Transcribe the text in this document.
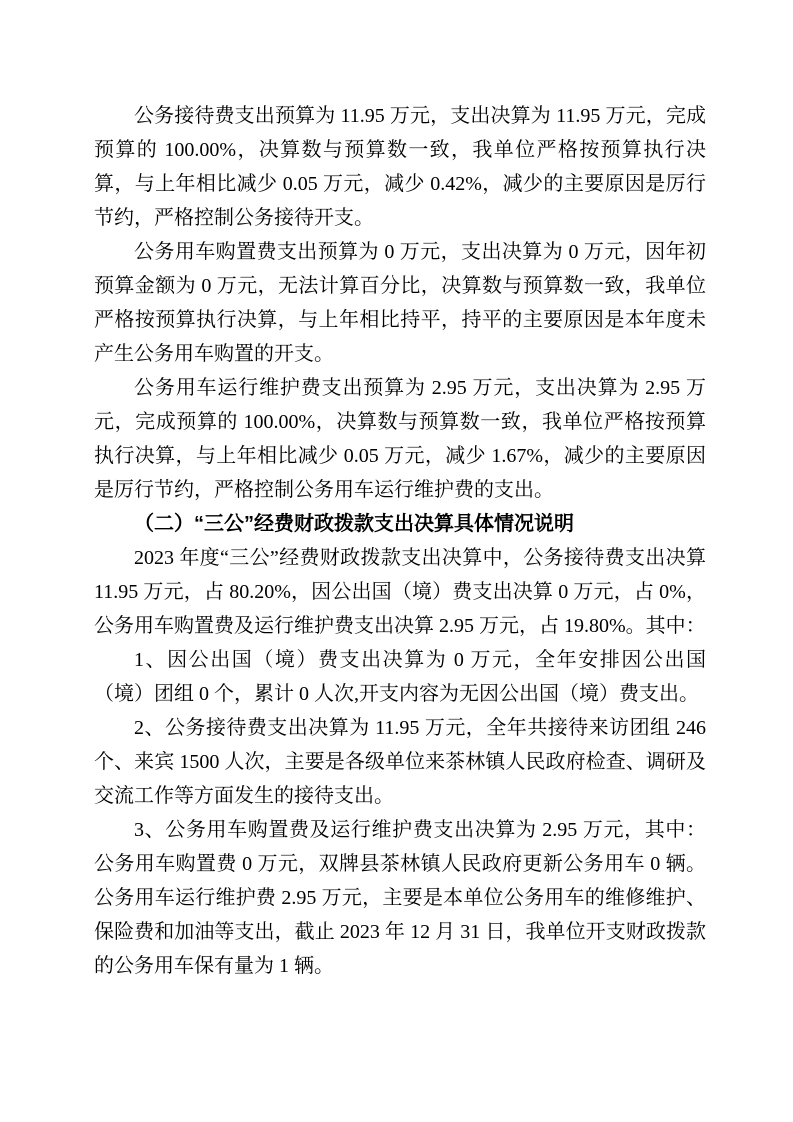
公务接待费支出预算为 11.95 万元，支出决算为 11.95 万元，完成预算的 100.00%，决算数与预算数一致，我单位严格按预算执行决算，与上年相比减少 0.05 万元，减少 0.42%，减少的主要原因是厉行节约，严格控制公务接待开支。

公务用车购置费支出预算为 0 万元，支出决算为 0 万元，因年初预算金额为 0 万元，无法计算百分比，决算数与预算数一致，我单位严格按预算执行决算，与上年相比持平，持平的主要原因是本年度未产生公务用车购置的开支。

公务用车运行维护费支出预算为 2.95 万元，支出决算为 2.95 万元，完成预算的 100.00%，决算数与预算数一致，我单位严格按预算执行决算，与上年相比减少 0.05 万元，减少 1.67%，减少的主要原因是厉行节约，严格控制公务用车运行维护费的支出。

（二）“三公”经费财政拨款支出决算具体情况说明

2023 年度“三公”经费财政拨款支出决算中，公务接待费支出决算 11.95 万元，占 80.20%，因公出国（境）费支出决算 0 万元，占 0%，公务用车购置费及运行维护费支出决算 2.95 万元，占 19.80%。其中：

1、因公出国（境）费支出决算为 0 万元，全年安排因公出国（境）团组 0 个，累计 0 人次,开支内容为无因公出国（境）费支出。

2、公务接待费支出决算为 11.95 万元，全年共接待来访团组 246 个、来宾 1500 人次，主要是各级单位来茶林镇人民政府检查、调研及交流工作等方面发生的接待支出。

3、公务用车购置费及运行维护费支出决算为 2.95 万元，其中：公务用车购置费 0 万元，双牌县茶林镇人民政府更新公务用车 0 辆。公务用车运行维护费 2.95 万元，主要是本单位公务用车的维修维护、保险费和加油等支出，截止 2023 年 12 月 31 日，我单位开支财政拨款的公务用车保有量为 1 辆。
